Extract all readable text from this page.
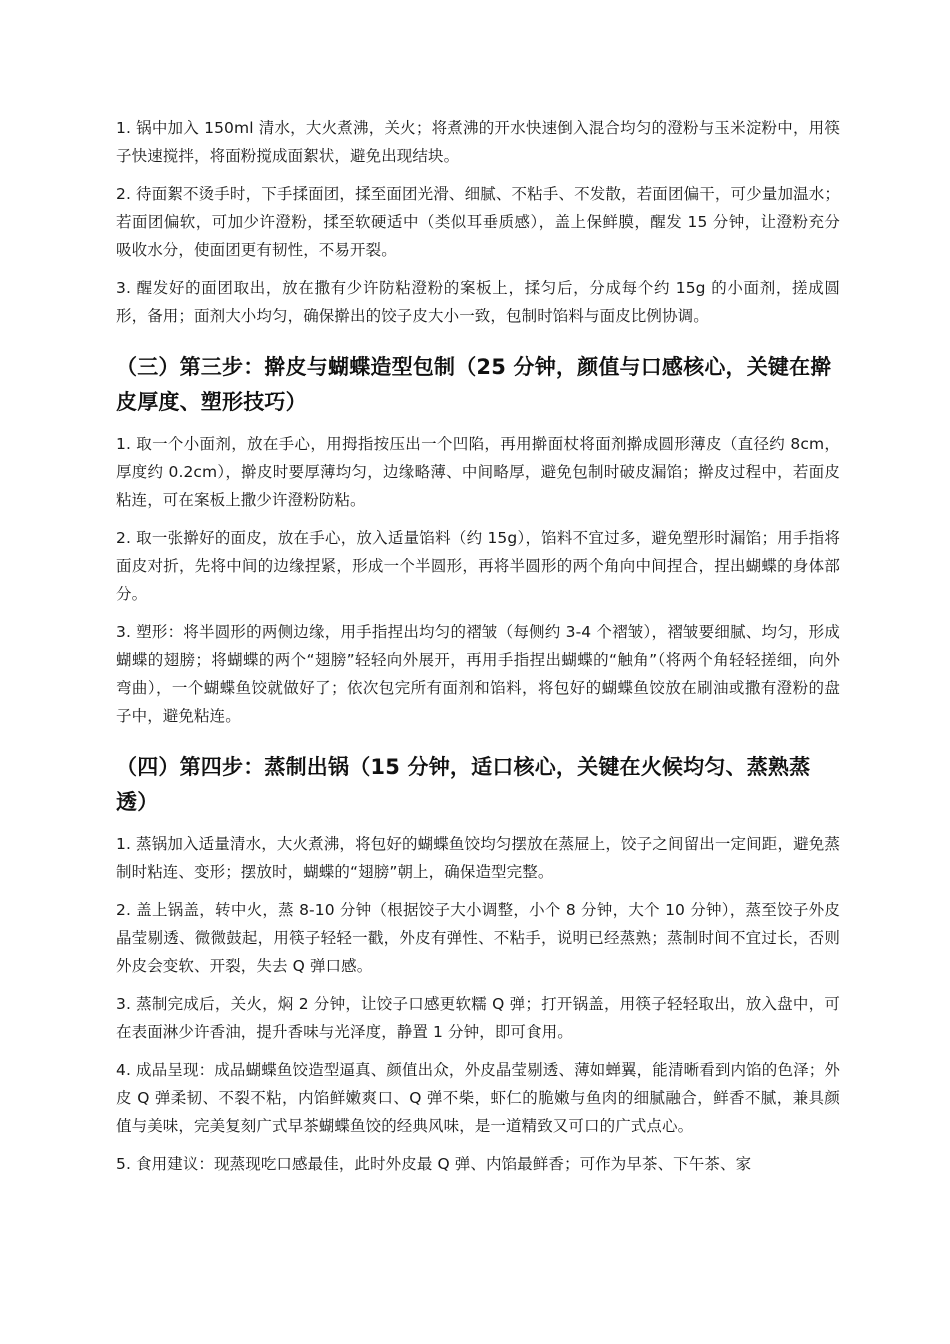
1. 锅中加入 150ml 清水，大火煮沸，关火；将煮沸的开水快速倒入混合均匀的澄粉与玉米淀粉中，用筷子快速搅拌，将面粉搅成面絮状，避免出现结块。

2. 待面絮不烫手时，下手揉面团，揉至面团光滑、细腻、不粘手、不发散，若面团偏干，可少量加温水；若面团偏软，可加少许澄粉，揉至软硬适中（类似耳垂质感），盖上保鲜膜，醒发 15 分钟，让澄粉充分吸收水分，使面团更有韧性，不易开裂。

3. 醒发好的面团取出，放在撒有少许防粘澄粉的案板上，揉匀后，分成每个约 15g 的小面剂，搓成圆形，备用；面剂大小均匀，确保擀出的饺子皮大小一致，包制时馅料与面皮比例协调。

（三）第三步：擀皮与蝴蝶造型包制（25 分钟，颜值与口感核心，关键在擀皮厚度、塑形技巧）

1. 取一个小面剂，放在手心，用拇指按压出一个凹陷，再用擀面杖将面剂擀成圆形薄皮（直径约 8cm，厚度约 0.2cm），擀皮时要厚薄均匀，边缘略薄、中间略厚，避免包制时破皮漏馅；擀皮过程中，若面皮粘连，可在案板上撒少许澄粉防粘。

2. 取一张擀好的面皮，放在手心，放入适量馅料（约 15g），馅料不宜过多，避免塑形时漏馅；用手指将面皮对折，先将中间的边缘捏紧，形成一个半圆形，再将半圆形的两个角向中间捏合，捏出蝴蝶的身体部分。

3. 塑形：将半圆形的两侧边缘，用手指捏出均匀的褶皱（每侧约 3-4 个褶皱），褶皱要细腻、均匀，形成蝴蝶的翅膀；将蝴蝶的两个“翅膀”轻轻向外展开，再用手指捏出蝴蝶的“触角”（将两个角轻轻搓细，向外弯曲），一个蝴蝶鱼饺就做好了；依次包完所有面剂和馅料，将包好的蝴蝶鱼饺放在刷油或撒有澄粉的盘子中，避免粘连。

（四）第四步：蒸制出锅（15 分钟，适口核心，关键在火候均匀、蒸熟蒸透）

1. 蒸锅加入适量清水，大火煮沸，将包好的蝴蝶鱼饺均匀摆放在蒸屉上，饺子之间留出一定间距，避免蒸制时粘连、变形；摆放时，蝴蝶的“翅膀”朝上，确保造型完整。

2. 盖上锅盖，转中火，蒸 8-10 分钟（根据饺子大小调整，小个 8 分钟，大个 10 分钟），蒸至饺子外皮晶莹剔透、微微鼓起，用筷子轻轻一戳，外皮有弹性、不粘手，说明已经蒸熟；蒸制时间不宜过长，否则外皮会变软、开裂，失去 Q 弹口感。

3. 蒸制完成后，关火，焖 2 分钟，让饺子口感更软糯 Q 弹；打开锅盖，用筷子轻轻取出，放入盘中，可在表面淋少许香油，提升香味与光泽度，静置 1 分钟，即可食用。

4. 成品呈现：成品蝴蝶鱼饺造型逼真、颜值出众，外皮晶莹剔透、薄如蝉翼，能清晰看到内馅的色泽；外皮 Q 弹柔韧、不裂不粘，内馅鲜嫩爽口、Q 弹不柴，虾仁的脆嫩与鱼肉的细腻融合，鲜香不腻，兼具颜值与美味，完美复刻广式早茶蝴蝶鱼饺的经典风味，是一道精致又可口的广式点心。

5. 食用建议：现蒸现吃口感最佳，此时外皮最 Q 弹、内馅最鲜香；可作为早茶、下午茶、家
